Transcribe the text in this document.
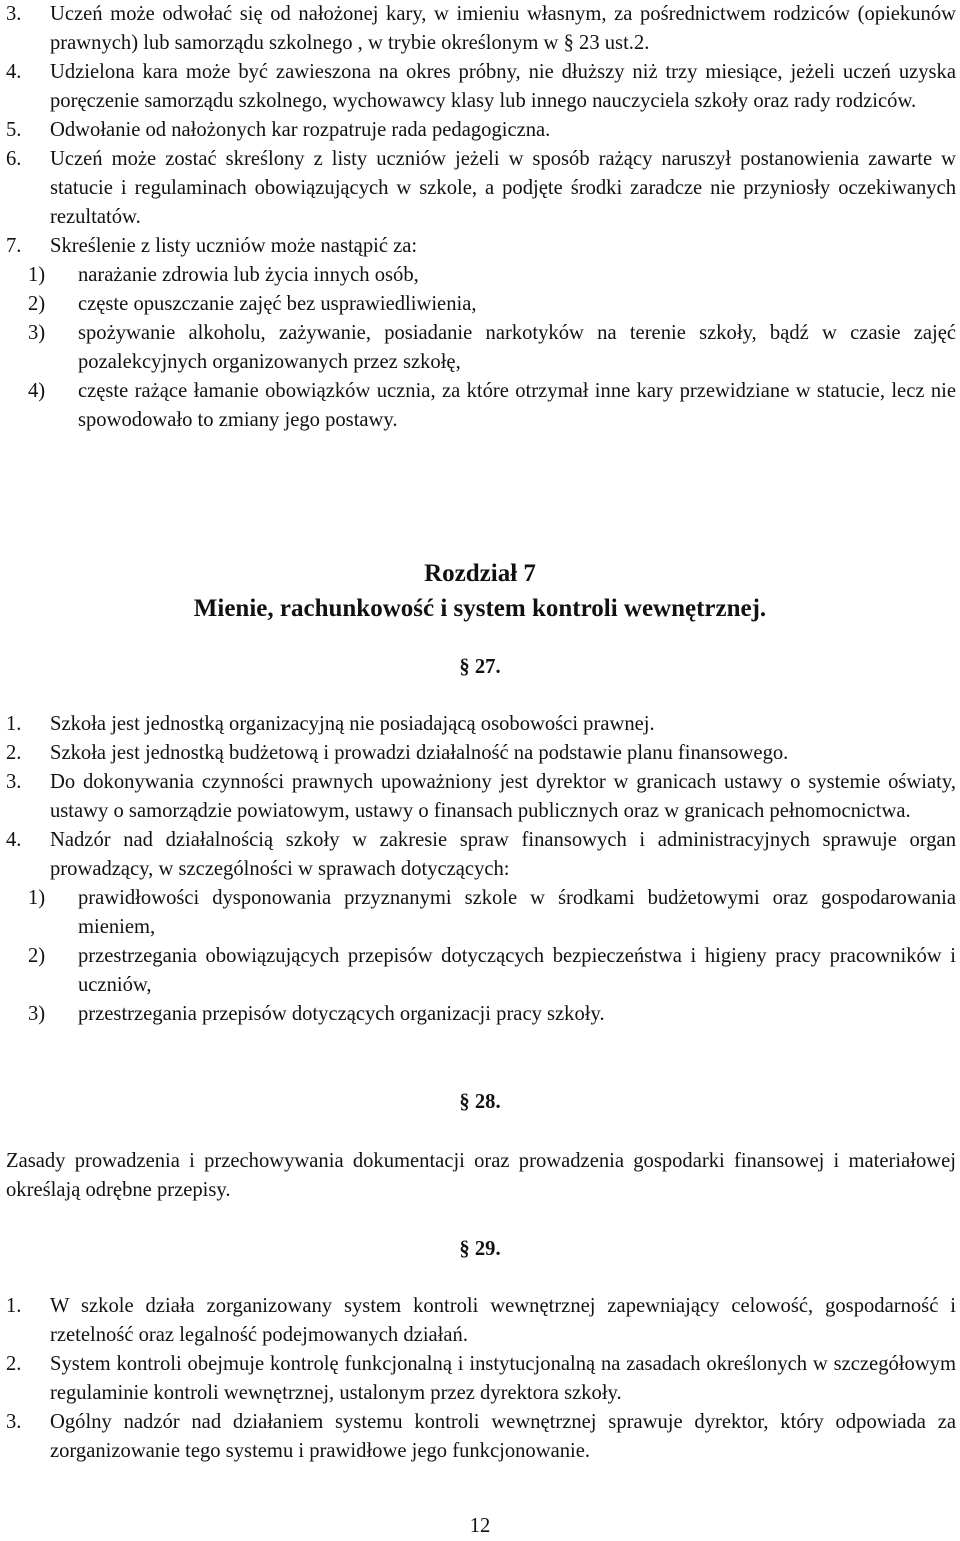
3. Uczeń może odwołać się od nałożonej kary, w imieniu własnym, za pośrednictwem rodziców (opiekunów prawnych) lub samorządu szkolnego , w trybie określonym w § 23 ust.2.

4. Udzielona kara może być zawieszona na okres próbny, nie dłuższy niż trzy miesiące, jeżeli uczeń uzyska poręczenie samorządu szkolnego, wychowawcy klasy lub innego nauczyciela szkoły oraz rady rodziców.

5. Odwołanie od nałożonych kar rozpatruje rada pedagogiczna.

6. Uczeń może zostać skreślony z listy uczniów jeżeli w sposób rażący naruszył postanowienia zawarte w statucie i regulaminach obowiązujących w szkole, a podjęte środki zaradcze nie przyniosły oczekiwanych rezultatów.

7. Skreślenie z listy uczniów może nastąpić za:

1) narażanie zdrowia lub życia innych osób,

2) częste opuszczanie zajęć bez usprawiedliwienia,

3) spożywanie alkoholu, zażywanie, posiadanie narkotyków na terenie szkoły, bądź w czasie zajęć pozalekcyjnych organizowanych przez szkołę,

4) częste rażące łamanie obowiązków ucznia, za które otrzymał inne kary przewidziane w statucie, lecz nie spowodowało to zmiany jego postawy.

Rozdział 7
Mienie, rachunkowość i system kontroli wewnętrznej.
§ 27.
1. Szkoła jest jednostką organizacyjną nie posiadającą osobowości prawnej.

2. Szkoła jest jednostką budżetową i prowadzi działalność na podstawie planu finansowego.

3. Do dokonywania czynności prawnych upoważniony jest dyrektor w granicach ustawy o systemie oświaty, ustawy o samorządzie powiatowym, ustawy o finansach publicznych oraz w granicach pełnomocnictwa.

4. Nadzór nad działalnością szkoły w zakresie spraw finansowych i administracyjnych sprawuje organ prowadzący, w szczególności w sprawach dotyczących:

1) prawidłowości dysponowania przyznanymi szkole w środkami budżetowymi oraz gospodarowania mieniem,

2) przestrzegania obowiązujących przepisów dotyczących bezpieczeństwa i higieny pracy pracowników i uczniów,

3) przestrzegania przepisów dotyczących organizacji pracy szkoły.

§ 28.

Zasady prowadzenia i przechowywania dokumentacji oraz prowadzenia gospodarki finansowej i materiałowej określają odrębne przepisy.

§ 29.
1. W szkole działa zorganizowany system kontroli wewnętrznej zapewniający celowość, gospodarność i rzetelność oraz legalność podejmowanych działań.

2. System kontroli obejmuje kontrolę funkcjonalną i instytucjonalną na zasadach określonych w szczegółowym regulaminie kontroli wewnętrznej, ustalonym przez dyrektora szkoły.

3. Ogólny nadzór nad działaniem systemu kontroli wewnętrznej sprawuje dyrektor, który odpowiada za zorganizowanie tego systemu i prawidłowe jego funkcjonowanie.

12
